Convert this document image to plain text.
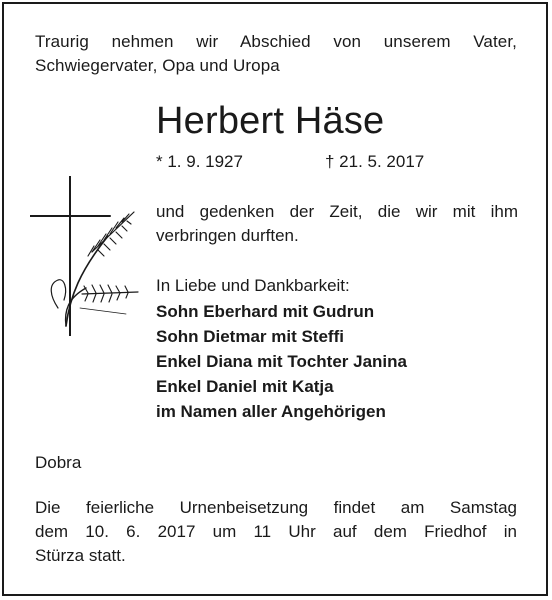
Traurig nehmen wir Abschied von unserem Vater,
Schwiegervater, Opa und Uropa
Herbert Häse
* 1. 9. 1927	† 21. 5. 2017
und gedenken der Zeit, die wir mit ihm
verbringen durften.
In Liebe und Dankbarkeit:
Sohn Eberhard mit Gudrun
Sohn Dietmar mit Steffi
Enkel Diana mit Tochter Janina
Enkel Daniel mit Katja
im Namen aller Angehörigen
Dobra
Die feierliche Urnenbeisetzung findet am Samstag
dem 10. 6. 2017 um 11 Uhr auf dem Friedhof in
Stürza statt.
